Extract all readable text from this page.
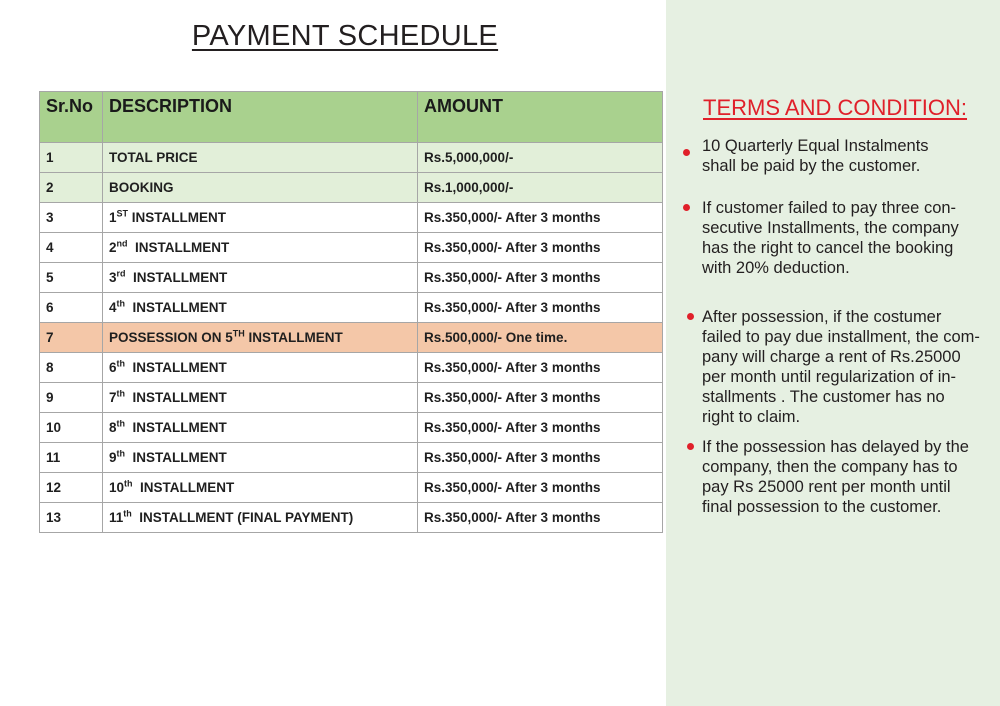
PAYMENT SCHEDULE
Sr.No	DESCRIPTION	AMOUNT
1	TOTAL PRICE	Rs.5,000,000/-
2	BOOKING	Rs.1,000,000/-
3	1ST INSTALLMENT	Rs.350,000/- After 3 months
4	2nd  INSTALLMENT	Rs.350,000/- After 3 months
5	3rd  INSTALLMENT	Rs.350,000/- After 3 months
6	4th  INSTALLMENT	Rs.350,000/- After 3 months
7	POSSESSION ON 5TH INSTALLMENT	Rs.500,000/- One time.
8	6th  INSTALLMENT	Rs.350,000/- After 3 months
9	7th  INSTALLMENT	Rs.350,000/- After 3 months
10	8th  INSTALLMENT	Rs.350,000/- After 3 months
11	9th  INSTALLMENT	Rs.350,000/- After 3 months
12	10th  INSTALLMENT	Rs.350,000/- After 3 months
13	11th  INSTALLMENT (FINAL PAYMENT)	Rs.350,000/- After 3 months
TERMS AND CONDITION:
10 Quarterly Equal Instalments
shall be paid by the customer.
If customer failed to pay three con-
secutive Installments, the company
has the right to cancel the booking
with 20% deduction.
After possession, if the costumer
failed to pay due installment, the com-
pany will charge a rent of Rs.25000
per month until regularization of in-
stallments . The customer has no
right to claim.
If the possession has delayed by the
company, then the company has to
pay Rs 25000 rent per month until
final possession to the customer.
